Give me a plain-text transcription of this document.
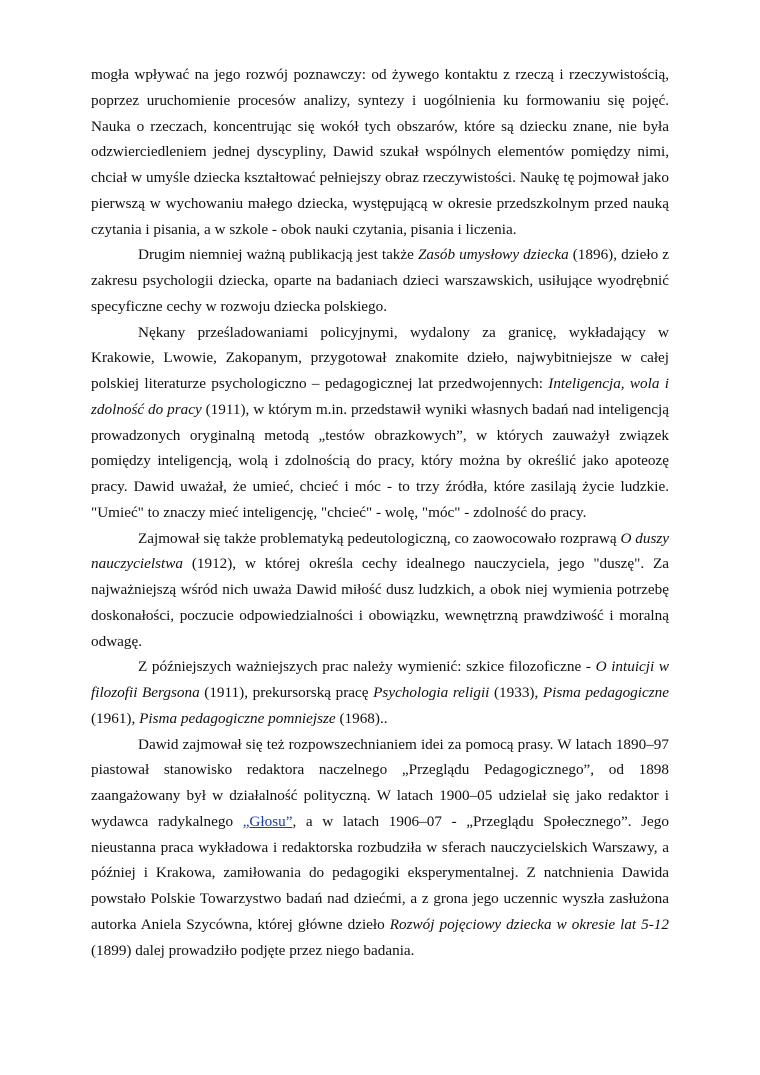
mogła wpływać na jego rozwój poznawczy: od żywego kontaktu z rzeczą i rzeczywistością, poprzez uruchomienie procesów analizy, syntezy i uogólnienia ku formowaniu się pojęć. Nauka o rzeczach, koncentrując się wokół tych obszarów, które są dziecku znane, nie była odzwierciedleniem jednej dyscypliny, Dawid szukał wspólnych elementów pomiędzy nimi, chciał w umyśle dziecka kształtować pełniejszy obraz rzeczywistości. Naukę tę pojmował jako pierwszą w wychowaniu małego dziecka, występującą w okresie przedszkolnym przed nauką czytania i pisania, a w szkole - obok nauki czytania, pisania i liczenia.

Drugim niemniej ważną publikacją jest także Zasób umysłowy dziecka (1896), dzieło z zakresu psychologii dziecka, oparte na badaniach dzieci warszawskich, usiłujące wyodrębnić specyficzne cechy w rozwoju dziecka polskiego.

Nękany prześladowaniami policyjnymi, wydalony za granicę, wykładający w Krakowie, Lwowie, Zakopanym, przygotował znakomite dzieło, najwybitniejsze w całej polskiej literaturze psychologiczno – pedagogicznej lat przedwojennych: Inteligencja, wola i zdolność do pracy (1911), w którym m.in. przedstawił wyniki własnych badań nad inteligencją prowadzonych oryginalną metodą „testów obrazkowych”, w których zauważył związek pomiędzy inteligencją, wolą i zdolnością do pracy, który można by określić jako apoteozę pracy. Dawid uważał, że umieć, chcieć i móc - to trzy źródła, które zasilają życie ludzkie. "Umieć" to znaczy mieć inteligencję, "chcieć" - wolę, "móc" - zdolność do pracy.

Zajmował się także problematyką pedeutologiczną, co zaowocowało rozprawą O duszy nauczycielstwa (1912), w której określa cechy idealnego nauczyciela, jego "duszę". Za najważniejszą wśród nich uważa Dawid miłość dusz ludzkich, a obok niej wymienia potrzebę doskonałości, poczucie odpowiedzialności i obowiązku, wewnętrzną prawdziwość i moralną odwagę.

Z późniejszych ważniejszych prac należy wymienić: szkice filozoficzne - O intuicji w filozofii Bergsona (1911), prekursorską pracę Psychologia religii (1933), Pisma pedagogiczne (1961), Pisma pedagogiczne pomniejsze (1968)..

Dawid zajmował się też rozpowszechnianiem idei za pomocą prasy. W latach 1890–97 piastował stanowisko redaktora naczelnego „Przeglądu Pedagogicznego”, od 1898 zaangażowany był w działalność polityczną. W latach 1900–05 udzielał się jako redaktor i wydawca radykalnego „Głosu”, a w latach 1906–07 - „Przeglądu Społecznego”. Jego nieustanna praca wykładowa i redaktorska rozbudziła w sferach nauczycielskich Warszawy, a później i Krakowa, zamiłowania do pedagogiki eksperymentalnej. Z natchnienia Dawida powstało Polskie Towarzystwo badań nad dziećmi, a z grona jego uczennic wyszła zasłużona autorka Aniela Szycówna, której główne dzieło Rozwój pojęciowy dziecka w okresie lat 5-12 (1899) dalej prowadziło podjęte przez niego badania.
